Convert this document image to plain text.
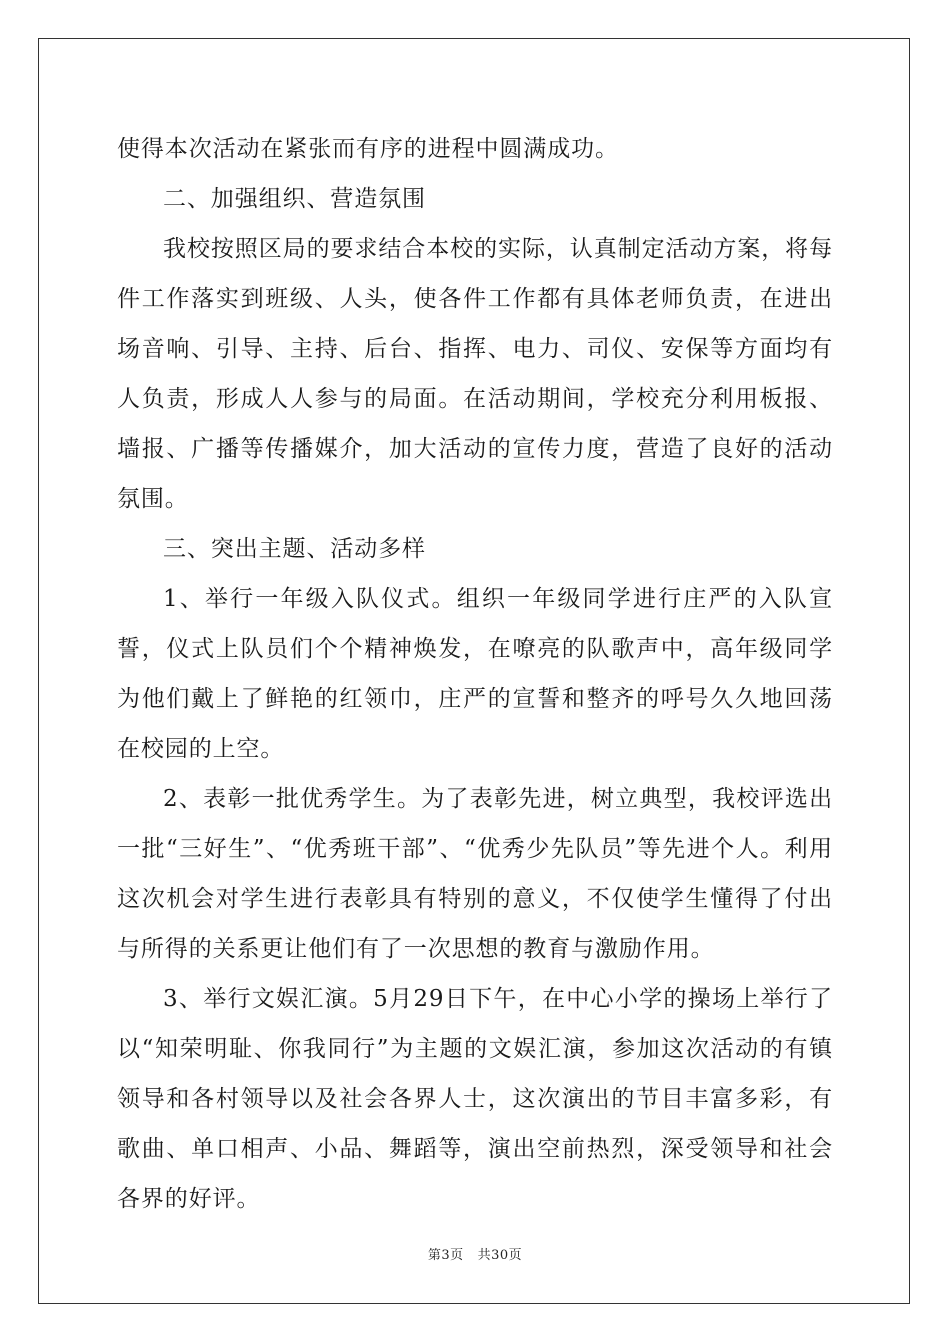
使得本次活动在紧张而有序的进程中圆满成功。

二、加强组织、营造氛围

我校按照区局的要求结合本校的实际，认真制定活动方案，将每件工作落实到班级、人头，使各件工作都有具体老师负责，在进出场音响、引导、主持、后台、指挥、电力、司仪、安保等方面均有人负责，形成人人参与的局面。在活动期间，学校充分利用板报、墙报、广播等传播媒介，加大活动的宣传力度，营造了良好的活动氛围。

三、突出主题、活动多样

1、举行一年级入队仪式。组织一年级同学进行庄严的入队宣誓，仪式上队员们个个精神焕发，在嘹亮的队歌声中，高年级同学为他们戴上了鲜艳的红领巾，庄严的宣誓和整齐的呼号久久地回荡在校园的上空。

2、表彰一批优秀学生。为了表彰先进，树立典型，我校评选出一批“三好生”、“优秀班干部”、“优秀少先队员”等先进个人。利用这次机会对学生进行表彰具有特别的意义，不仅使学生懂得了付出与所得的关系更让他们有了一次思想的教育与激励作用。

3、举行文娱汇演。5月29日下午，在中心小学的操场上举行了以“知荣明耻、你我同行”为主题的文娱汇演，参加这次活动的有镇领导和各村领导以及社会各界人士，这次演出的节目丰富多彩，有歌曲、单口相声、小品、舞蹈等，演出空前热烈，深受领导和社会各界的好评。

第3页 共30页
